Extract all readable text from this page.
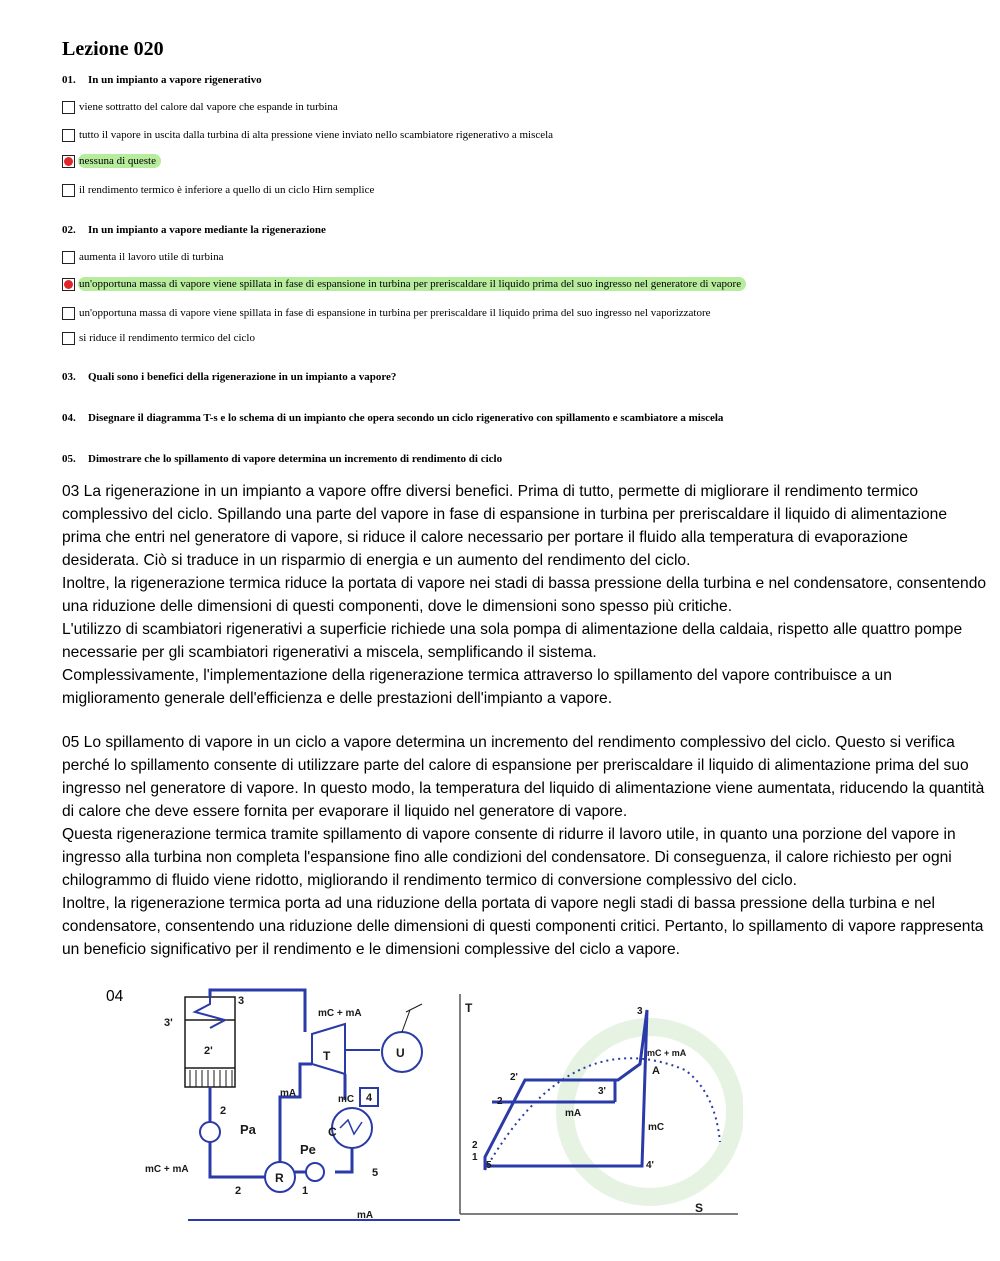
Lezione 020
01. In un impianto a vapore rigenerativo
viene sottratto del calore dal vapore che espande in turbina
tutto il vapore in uscita dalla turbina di alta pressione viene inviato nello scambiatore rigenerativo a miscela
nessuna di queste
il rendimento termico è inferiore a quello di un ciclo Hirn semplice
02. In un impianto a vapore mediante la rigenerazione
aumenta il lavoro utile di turbina
un'opportuna massa di vapore viene spillata in fase di espansione in turbina per preriscaldare il liquido prima del suo ingresso nel generatore di vapore
un'opportuna massa di vapore viene spillata in fase di espansione in turbina per preriscaldare il liquido prima del suo ingresso nel vaporizzatore
si riduce il rendimento termico del ciclo
03. Quali sono i benefici della rigenerazione in un impianto a vapore?
04. Disegnare il diagramma T-s e lo schema di un impianto che opera secondo un ciclo rigenerativo con spillamento e scambiatore a miscela
05. Dimostrare che lo spillamento di vapore determina un incremento di rendimento di ciclo

03 La rigenerazione in un impianto a vapore offre diversi benefici. Prima di tutto, permette di migliorare il rendimento termico complessivo del ciclo. Spillando una parte del vapore in fase di espansione in turbina per preriscaldare il liquido di alimentazione prima che entri nel generatore di vapore, si riduce il calore necessario per portare il fluido alla temperatura di evaporazione desiderata. Ciò si traduce in un risparmio di energia e un aumento del rendimento del ciclo.

Inoltre, la rigenerazione termica riduce la portata di vapore nei stadi di bassa pressione della turbina e nel condensatore, consentendo una riduzione delle dimensioni di questi componenti, dove le dimensioni sono spesso più critiche.

L'utilizzo di scambiatori rigenerativi a superficie richiede una sola pompa di alimentazione della caldaia, rispetto alle quattro pompe necessarie per gli scambiatori rigenerativi a miscela, semplificando il sistema.

Complessivamente, l'implementazione della rigenerazione termica attraverso lo spillamento del vapore contribuisce a un miglioramento generale dell'efficienza e delle prestazioni dell'impianto a vapore.

05 Lo spillamento di vapore in un ciclo a vapore determina un incremento del rendimento complessivo del ciclo. Questo si verifica perché lo spillamento consente di utilizzare parte del calore di espansione per preriscaldare il liquido di alimentazione prima del suo ingresso nel generatore di vapore. In questo modo, la temperatura del liquido di alimentazione viene aumentata, riducendo la quantità di calore che deve essere fornita per evaporare il liquido nel generatore di vapore.

Questa rigenerazione termica tramite spillamento di vapore consente di ridurre il lavoro utile, in quanto una porzione del vapore in ingresso alla turbina non completa l'espansione fino alle condizioni del condensatore. Di conseguenza, il calore richiesto per ogni chilogrammo di fluido viene ridotto, migliorando il rendimento termico di conversione complessivo del ciclo.

Inoltre, la rigenerazione termica porta ad una riduzione della portata di vapore negli stadi di bassa pressione della turbina e nel condensatore, consentendo una riduzione delle dimensioni di questi componenti critici. Pertanto, lo spillamento di vapore rappresenta un beneficio significativo per il rendimento e le dimensioni complessive del ciclo a vapore.

04	3
3'
2'
2
Pa
Pe
2	1
5
4
mC + mA
mA
mC
mC + mA
mA
T	U
C
R
T
S
3
2'
3'
2
2
1
5	4'
mC + mA
A
mA
mC
